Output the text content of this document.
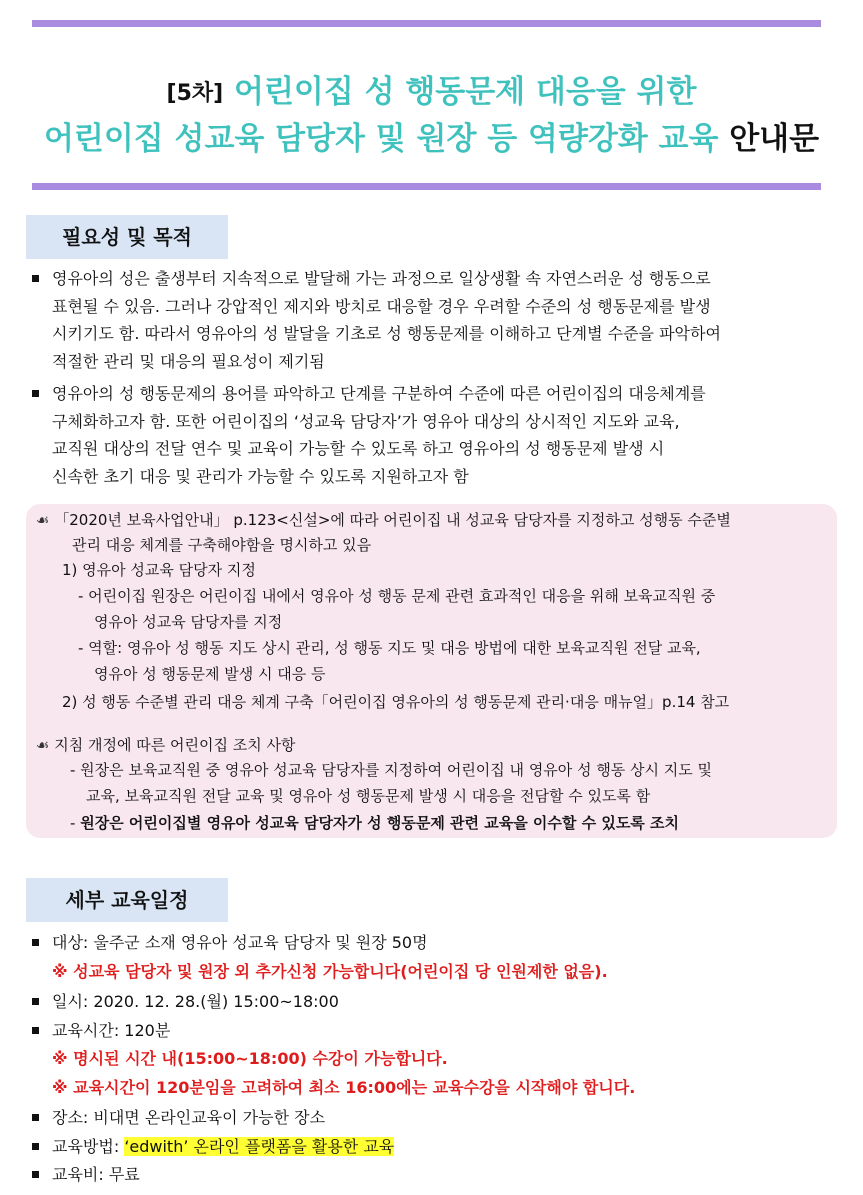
[5차] 어린이집 성 행동문제 대응을 위한
어린이집 성교육 담당자 및 원장 등 역량강화 교육 안내문
필요성 및 목적
영유아의 성은 출생부터 지속적으로 발달해 가는 과정으로 일상생활 속 자연스러운 성 행동으로
표현될 수 있음. 그러나 강압적인 제지와 방치로 대응할 경우 우려할 수준의 성 행동문제를 발생
시키기도 함. 따라서 영유아의 성 발달을 기초로 성 행동문제를 이해하고 단계별 수준을 파악하여
적절한 관리 및 대응의 필요성이 제기됨
영유아의 성 행동문제의 용어를 파악하고 단계를 구분하여 수준에 따른 어린이집의 대응체계를
구체화하고자 함. 또한 어린이집의 ‘성교육 담당자’가 영유아 대상의 상시적인 지도와 교육,
교직원 대상의 전달 연수 및 교육이 가능할 수 있도록 하고 영유아의 성 행동문제 발생 시
신속한 초기 대응 및 관리가 가능할 수 있도록 지원하고자 함
☙ 「2020년 보육사업안내」 p.123<신설>에 따라 어린이집 내 성교육 담당자를 지정하고 성행동 수준별
관리 대응 체계를 구축해야함을 명시하고 있음
1) 영유아 성교육 담당자 지정
- 어린이집 원장은 어린이집 내에서 영유아 성 행동 문제 관련 효과적인 대응을 위해 보육교직원 중
영유아 성교육 담당자를 지정
- 역할: 영유아 성 행동 지도 상시 관리, 성 행동 지도 및 대응 방법에 대한 보육교직원 전달 교육,
영유아 성 행동문제 발생 시 대응 등
2) 성 행동 수준별 관리 대응 체계 구축「어린이집 영유아의 성 행동문제 관리·대응 매뉴얼」p.14 참고
☙ 지침 개정에 따른 어린이집 조치 사항
- 원장은 보육교직원 중 영유아 성교육 담당자를 지정하여 어린이집 내 영유아 성 행동 상시 지도 및
교육, 보육교직원 전달 교육 및 영유아 성 행동문제 발생 시 대응을 전담할 수 있도록 함
- 원장은 어린이집별 영유아 성교육 담당자가 성 행동문제 관련 교육을 이수할 수 있도록 조치
세부 교육일정
대상: 울주군 소재 영유아 성교육 담당자 및 원장 50명
※ 성교육 담당자 및 원장 외 추가신청 가능합니다(어린이집 당 인원제한 없음).
일시: 2020. 12. 28.(월) 15:00~18:00
교육시간: 120분
※ 명시된 시간 내(15:00~18:00) 수강이 가능합니다.
※ 교육시간이 120분임을 고려하여 최소 16:00에는 교육수강을 시작해야 합니다.
장소: 비대면 온라인교육이 가능한 장소
교육방법: ‘edwith’ 온라인 플랫폼을 활용한 교육
교육비: 무료
